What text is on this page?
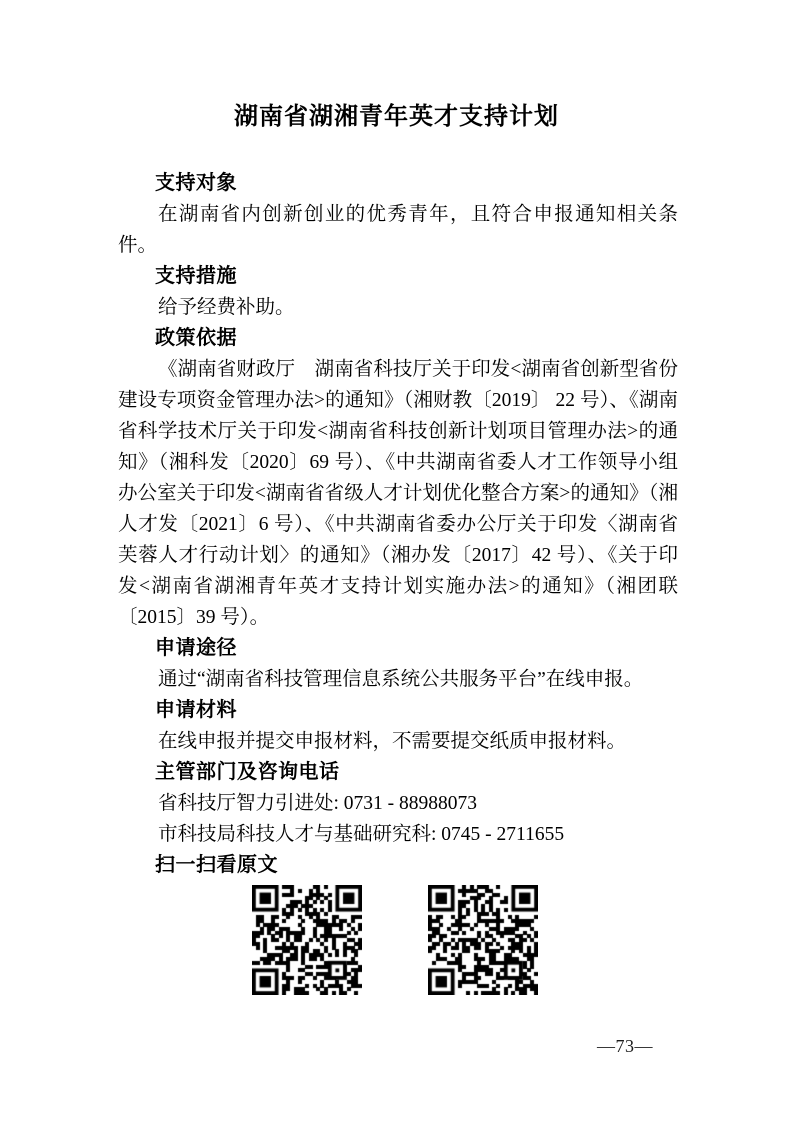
湖南省湖湘青年英才支持计划
支持对象

在湖南省内创新创业的优秀青年，且符合申报通知相关条件。

支持措施

给予经费补助。

政策依据

《湖南省财政厅　湖南省科技厅关于印发<湖南省创新型省份建设专项资金管理办法>的通知》（湘财教〔2019〕 22 号）、《湖南省科学技术厅关于印发<湖南省科技创新计划项目管理办法>的通知》（湘科发〔2020〕69 号）、《中共湖南省委人才工作领导小组办公室关于印发<湖南省省级人才计划优化整合方案>的通知》（湘人才发〔2021〕6 号）、《中共湖南省委办公厅关于印发〈湖南省芙蓉人才行动计划〉的通知》（湘办发〔2017〕42 号）、《关于印发<湖南省湖湘青年英才支持计划实施办法>的通知》（湘团联〔2015〕39 号）。

申请途径

通过“湖南省科技管理信息系统公共服务平台”在线申报。

申请材料

在线申报并提交申报材料，不需要提交纸质申报材料。

主管部门及咨询电话

省科技厅智力引进处: 0731 - 88988073

市科技局科技人才与基础研究科: 0745 - 2711655

扫一扫看原文
—73—
